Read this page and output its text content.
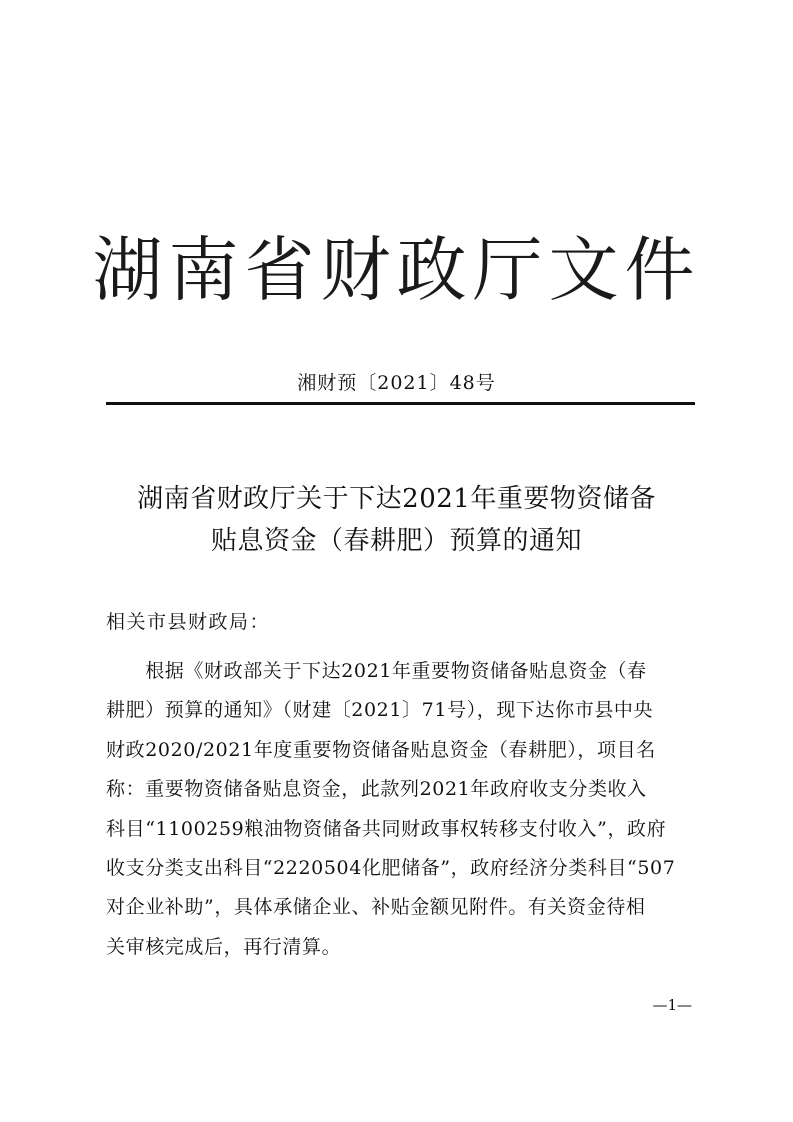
湖南省财政厅文件
湘财预〔2021〕48号
湖南省财政厅关于下达2021年重要物资储备
贴息资金（春耕肥）预算的通知
相关市县财政局：

　　根据《财政部关于下达2021年重要物资储备贴息资金（春
耕肥）预算的通知》（财建〔2021〕71号），现下达你市县中央
财政2020/2021年度重要物资储备贴息资金（春耕肥），项目名
称：重要物资储备贴息资金，此款列2021年政府收支分类收入
科目“1100259粮油物资储备共同财政事权转移支付收入”，政府
收支分类支出科目“2220504化肥储备”，政府经济分类科目“507
对企业补助”，具体承储企业、补贴金额见附件。有关资金待相
关审核完成后，再行清算。

—1—
